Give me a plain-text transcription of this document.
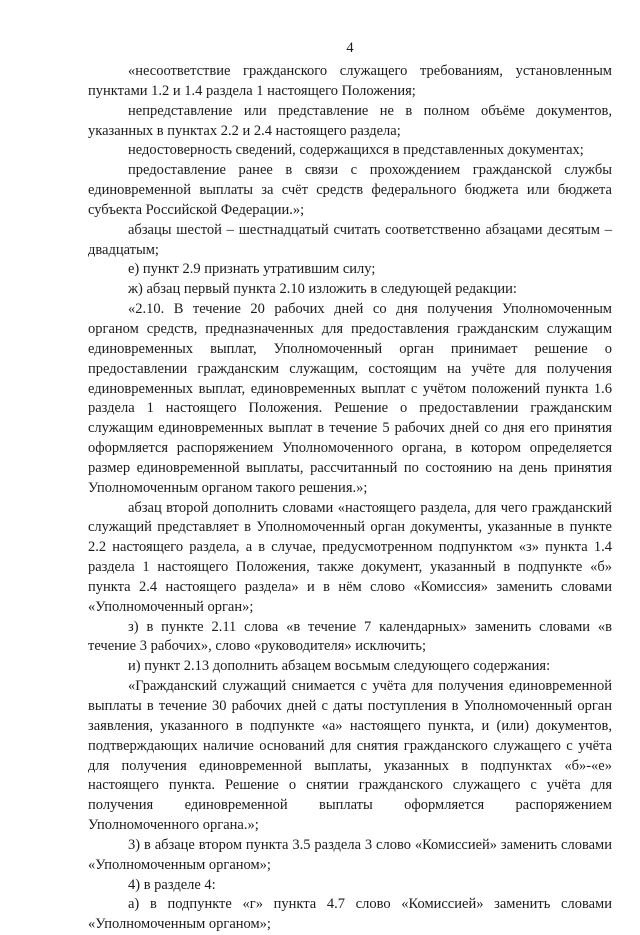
4

«несоответствие гражданского служащего требованиям, установленным пунктами 1.2 и 1.4 раздела 1 настоящего Положения;

непредставление или представление не в полном объёме документов, указанных в пунктах 2.2 и 2.4 настоящего раздела;

недостоверность сведений, содержащихся в представленных документах;

предоставление ранее в связи с прохождением гражданской службы единовременной выплаты за счёт средств федерального бюджета или бюджета субъекта Российской Федерации.»;

абзацы шестой – шестнадцатый считать соответственно абзацами десятым – двадцатым;

е) пункт 2.9 признать утратившим силу;

ж) абзац первый пункта 2.10 изложить в следующей редакции:

«2.10. В течение 20 рабочих дней со дня получения Уполномоченным органом средств, предназначенных для предоставления гражданским служащим единовременных выплат, Уполномоченный орган принимает решение о предоставлении гражданским служащим, состоящим на учёте для получения единовременных выплат, единовременных выплат с учётом положений пункта 1.6 раздела 1 настоящего Положения. Решение о предоставлении гражданским служащим единовременных выплат в течение 5 рабочих дней со дня его принятия оформляется распоряжением Уполномоченного органа, в котором определяется размер единовременной выплаты, рассчитанный по состоянию на день принятия Уполномоченным органом такого решения.»;

абзац второй дополнить словами «настоящего раздела, для чего гражданский служащий представляет в Уполномоченный орган документы, указанные в пункте 2.2 настоящего раздела, а в случае, предусмотренном подпунктом «з» пункта 1.4 раздела 1 настоящего Положения, также документ, указанный в подпункте «б» пункта 2.4 настоящего раздела» и в нём слово «Комиссия» заменить словами «Уполномоченный орган»;

з) в пункте 2.11 слова «в течение 7 календарных» заменить словами «в течение 3 рабочих», слово «руководителя» исключить;

и) пункт 2.13 дополнить абзацем восьмым следующего содержания:

«Гражданский служащий снимается с учёта для получения единовременной выплаты в течение 30 рабочих дней с даты поступления в Уполномоченный орган заявления, указанного в подпункте «а» настоящего пункта, и (или) документов, подтверждающих наличие оснований для снятия гражданского служащего с учёта для получения единовременной выплаты, указанных в подпунктах «б»-«е» настоящего пункта. Решение о снятии гражданского служащего с учёта для получения единовременной выплаты оформляется распоряжением Уполномоченного органа.»;

3) в абзаце втором пункта 3.5 раздела 3 слово «Комиссией» заменить словами «Уполномоченным органом»;

4) в разделе 4:

а) в подпункте «г» пункта 4.7 слово «Комиссией» заменить словами «Уполномоченным органом»;
